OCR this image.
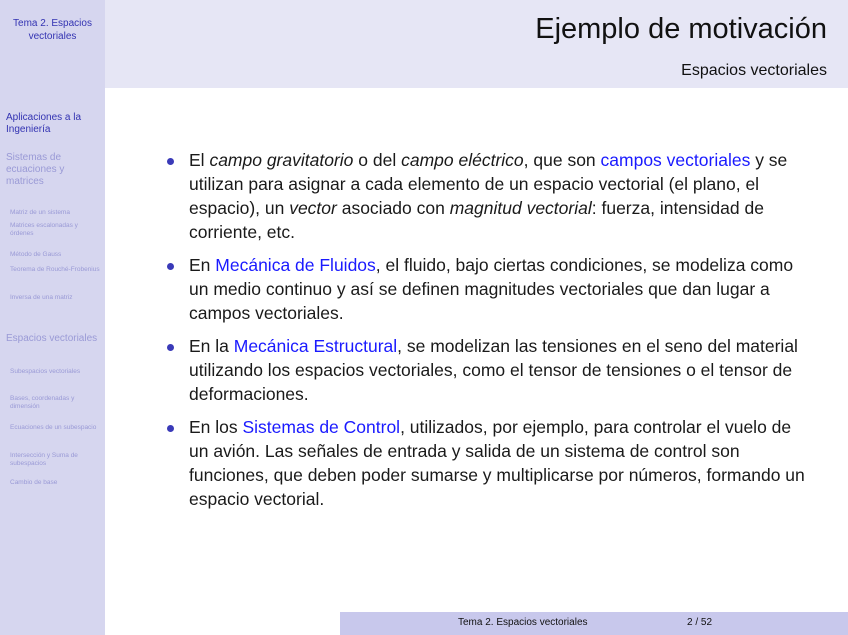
Tema 2. Espacios vectoriales
Aplicaciones a la Ingeniería
Sistemas de ecuaciones y matrices
Matriz de un sistema
Matrices escalonadas y órdenes
Método de Gauss
Teorema de Rouché-Frobenius
Inversa de una matriz
Espacios vectoriales
Subespacios vectoriales
Bases, coordenadas y dimensión
Ecuaciones de un subespacio
Intersección y Suma de subespacios
Cambio de base
Ejemplo de motivación
Espacios vectoriales
El campo gravitatorio o del campo eléctrico, que son campos vectoriales y se utilizan para asignar a cada elemento de un espacio vectorial (el plano, el espacio), un vector asociado con magnitud vectorial: fuerza, intensidad de corriente, etc.
En Mecánica de Fluidos, el fluido, bajo ciertas condiciones, se modeliza como un medio continuo y así se definen magnitudes vectoriales que dan lugar a campos vectoriales.
En la Mecánica Estructural, se modelizan las tensiones en el seno del material utilizando los espacios vectoriales, como el tensor de tensiones o el tensor de deformaciones.
En los Sistemas de Control, utilizados, por ejemplo, para controlar el vuelo de un avión. Las señales de entrada y salida de un sistema de control son funciones, que deben poder sumarse y multiplicarse por números, formando un espacio vectorial.
Tema 2. Espacios vectoriales	2 / 52
